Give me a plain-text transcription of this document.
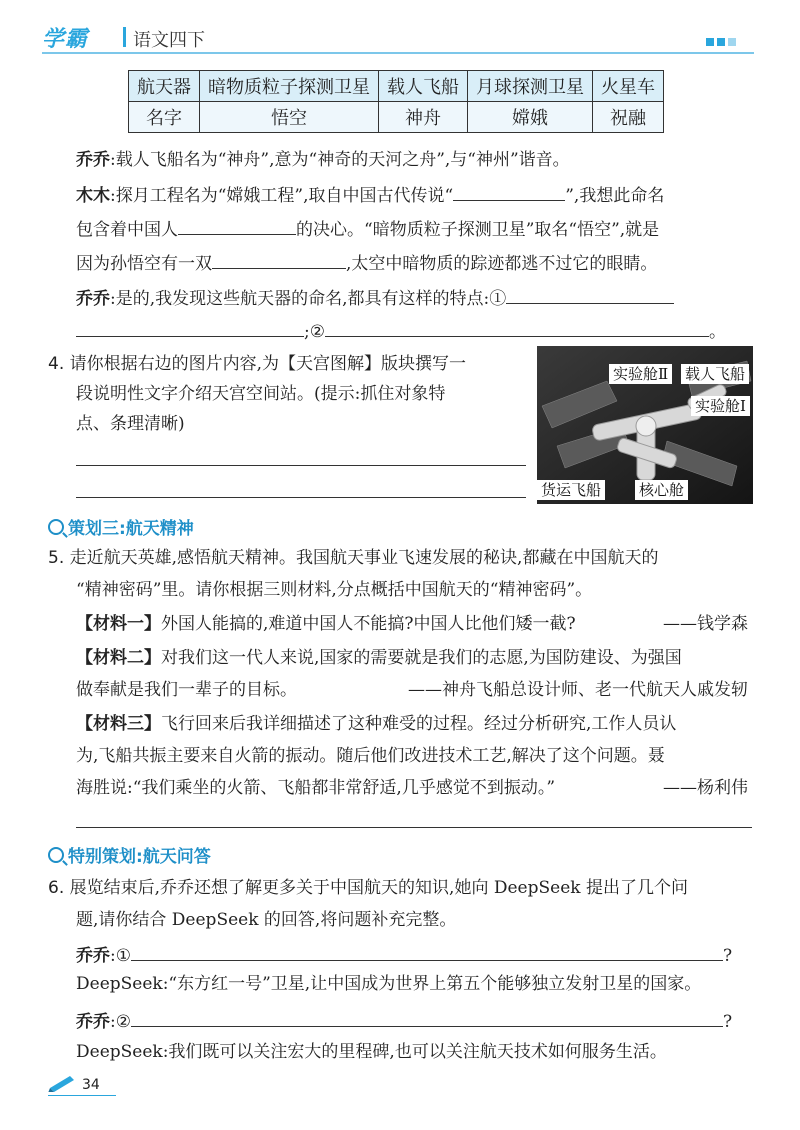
学霸 语文四下
航天器	暗物质粒子探测卫星	载人飞船	月球探测卫星	火星车
名字	悟空	神舟	嫦娥	祝融
乔乔:载人飞船名为“神舟”,意为“神奇的天河之舟”,与“神州”谐音。
木木:探月工程名为“嫦娥工程”,取自中国古代传说“	”,我想此命名
包含着中国人	的决心。“暗物质粒子探测卫星”取名“悟空”,就是
因为孙悟空有一双	,太空中暗物质的踪迹都逃不过它的眼睛。
乔乔:是的,我发现这些航天器的命名,都具有这样的特点:①
;②	。
4. 请你根据右边的图片内容,为【天宫图解】版块撰写一
段说明性文字介绍天宫空间站。(提示:抓住对象特
点、条理清晰)
实验舱Ⅱ 载人飞船
实验舱Ⅰ
货运飞船	核心舱
策划三:航天精神
5. 走近航天英雄,感悟航天精神。我国航天事业飞速发展的秘诀,都藏在中国航天的
“精神密码”里。请你根据三则材料,分点概括中国航天的“精神密码”。
【材料一】外国人能搞的,难道中国人不能搞?中国人比他们矮一截?	——钱学森
【材料二】对我们这一代人来说,国家的需要就是我们的志愿,为国防建设、为强国
做奉献是我们一辈子的目标。	——神舟飞船总设计师、老一代航天人戚发轫
【材料三】飞行回来后我详细描述了这种难受的过程。经过分析研究,工作人员认
为,飞船共振主要来自火箭的振动。随后他们改进技术工艺,解决了这个问题。聂
海胜说:“我们乘坐的火箭、飞船都非常舒适,几乎感觉不到振动。”	——杨利伟
特别策划:航天问答
6. 展览结束后,乔乔还想了解更多关于中国航天的知识,她向 DeepSeek 提出了几个问
题,请你结合 DeepSeek 的回答,将问题补充完整。
乔乔:①	?
DeepSeek:“东方红一号”卫星,让中国成为世界上第五个能够独立发射卫星的国家。
乔乔:②	?
DeepSeek:我们既可以关注宏大的里程碑,也可以关注航天技术如何服务生活。
34
